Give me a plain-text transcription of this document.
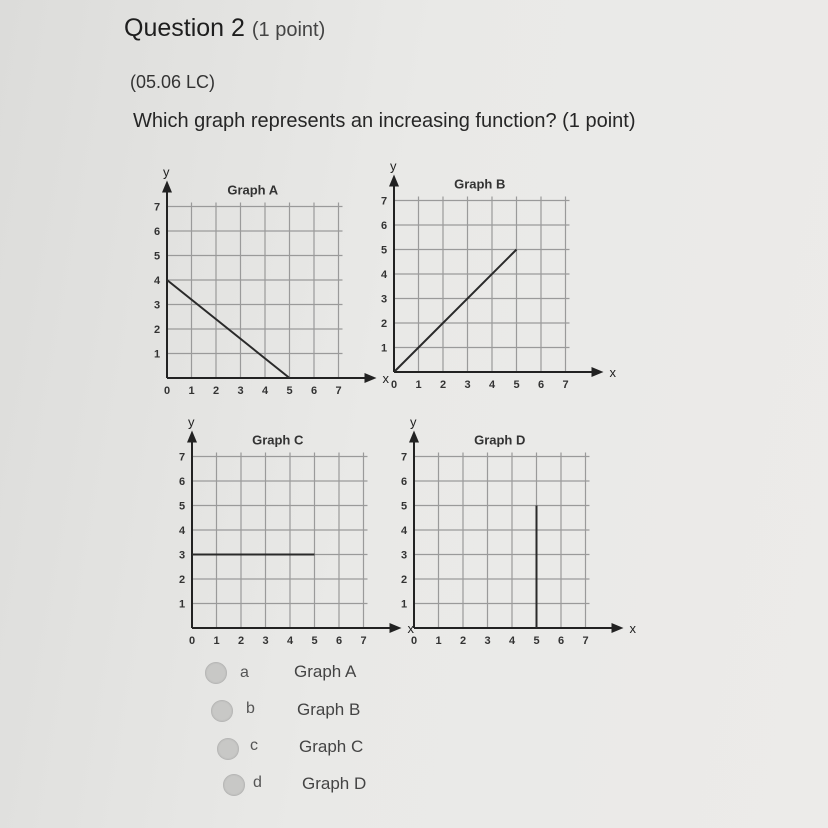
Question 2 (1 point)
(05.06 LC)
Which graph represents an increasing function? (1 point)
x
y
Graph A
0 1 2 3 4 5 6 7
1
2
3
4
5
6
7
x
y
Graph B
0 1 2 3 4 5 6 7
1
2
3
4
5
6
7
x
y
Graph C
0 1 2 3 4 5 6 7
1
2
3
4
5
6
7
x
y
Graph D
0 1 2 3 4 5 6 7
1
2
3
4
5
6
7
a	Graph A
b Graph B
c Graph C
d Graph D
